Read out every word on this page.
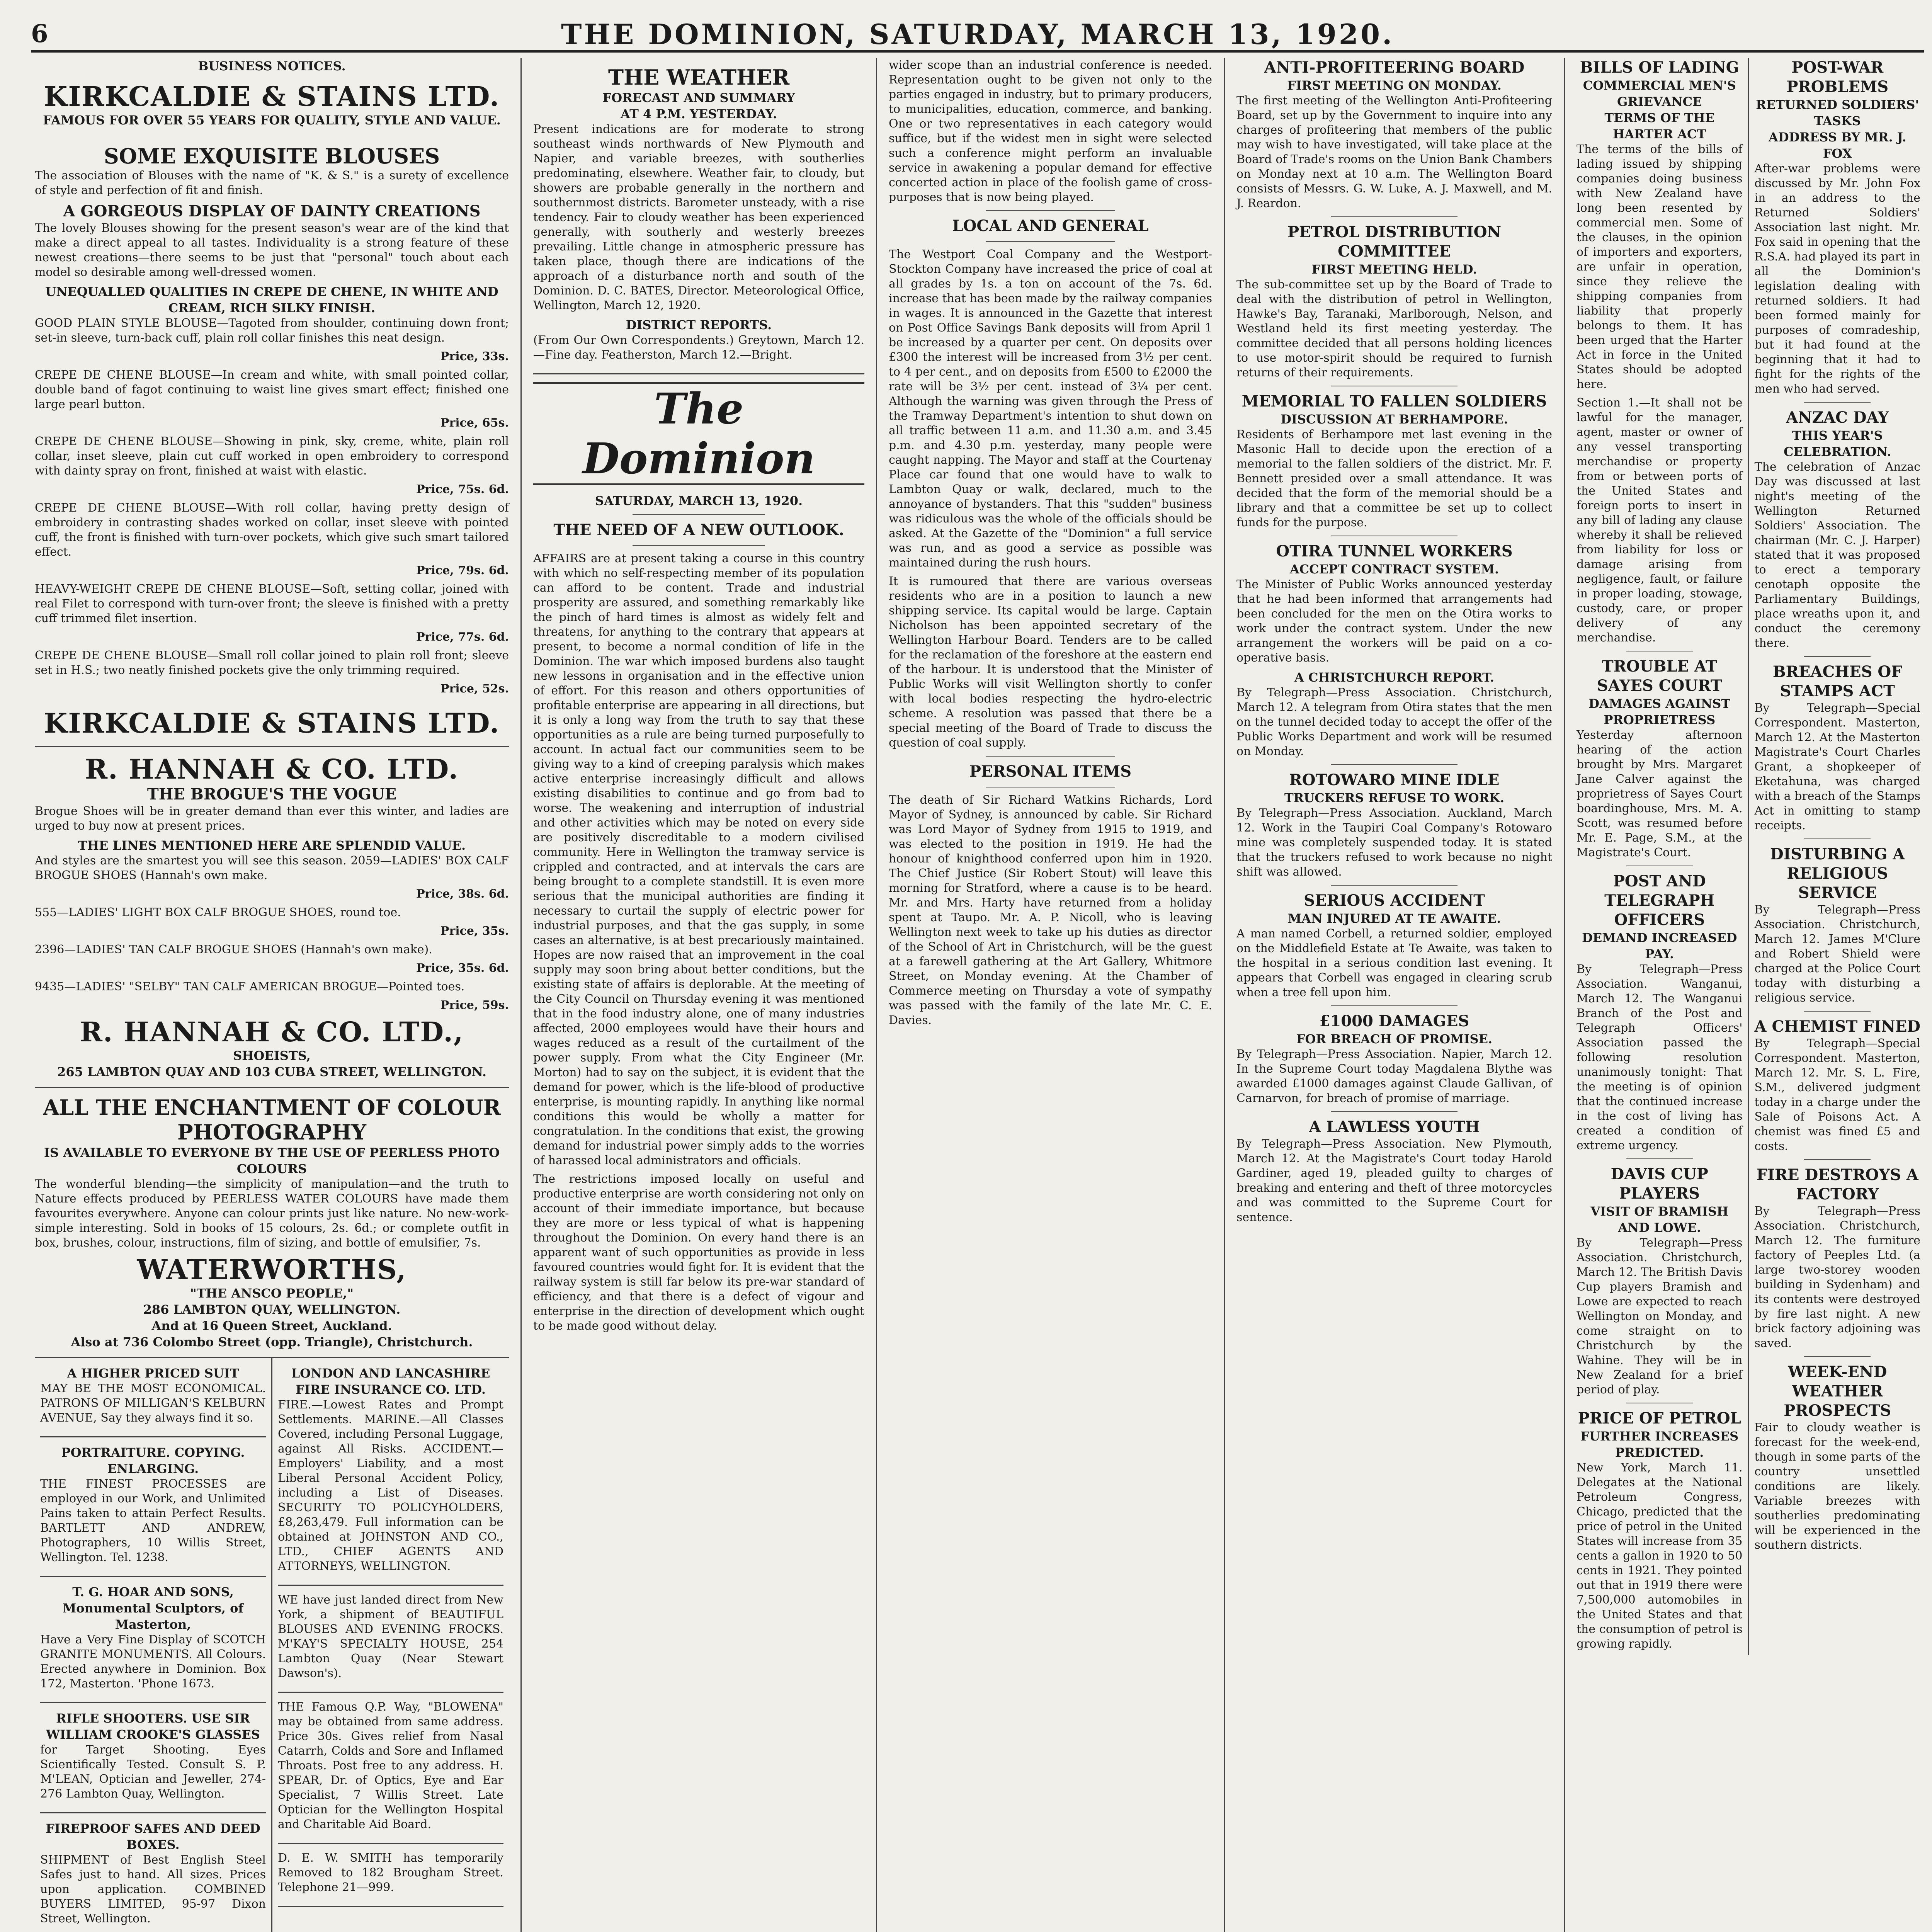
6	THE DOMINION, SATURDAY, MARCH 13, 1920.
BUSINESS NOTICES.
KIRKCALDIE & STAINS LTD.
FAMOUS FOR OVER 55 YEARS FOR QUALITY, STYLE AND VALUE.
SOME EXQUISITE BLOUSES

The association of Blouses with the name of "K. & S." is a surety of excellence of style and perfection of fit and finish.

A GORGEOUS DISPLAY OF DAINTY CREATIONS

The lovely Blouses showing for the present season's wear are of the kind that make a direct appeal to all tastes. Individuality is a strong feature of these newest creations—there seems to be just that "personal" touch about each model so desirable among well-dressed women.

UNEQUALLED QUALITIES IN CREPE DE CHENE, IN WHITE AND CREAM, RICH SILKY FINISH.

GOOD PLAIN STYLE BLOUSE—Tagoted from shoulder, continuing down front; set-in sleeve, turn-back cuff, plain roll collar finishes this neat design.

Price, 33s.

CREPE DE CHENE BLOUSE—In cream and white, with small pointed collar, double band of fagot continuing to waist line gives smart effect; finished one large pearl button.

Price, 65s.

CREPE DE CHENE BLOUSE—Showing in pink, sky, creme, white, plain roll collar, inset sleeve, plain cut cuff worked in open embroidery to correspond with dainty spray on front, finished at waist with elastic.

Price, 75s. 6d.

CREPE DE CHENE BLOUSE—With roll collar, having pretty design of embroidery in contrasting shades worked on collar, inset sleeve with pointed cuff, the front is finished with turn-over pockets, which give such smart tailored effect.

Price, 79s. 6d.

HEAVY-WEIGHT CREPE DE CHENE BLOUSE—Soft, setting collar, joined with real Filet to correspond with turn-over front; the sleeve is finished with a pretty cuff trimmed filet insertion.

Price, 77s. 6d.

CREPE DE CHENE BLOUSE—Small roll collar joined to plain roll front; sleeve set in H.S.; two neatly finished pockets give the only trimming required.

Price, 52s.

KIRKCALDIE & STAINS LTD.
R. HANNAH & CO. LTD.
THE BROGUE'S THE VOGUE

Brogue Shoes will be in greater demand than ever this winter, and ladies are urged to buy now at present prices.

THE LINES MENTIONED HERE ARE SPLENDID VALUE.

And styles are the smartest you will see this season. 2059—LADIES' BOX CALF BROGUE SHOES (Hannah's own make.

Price, 38s. 6d.

555—LADIES' LIGHT BOX CALF BROGUE SHOES, round toe.

Price, 35s.

2396—LADIES' TAN CALF BROGUE SHOES (Hannah's own make).

Price, 35s. 6d.

9435—LADIES' "SELBY" TAN CALF AMERICAN BROGUE—Pointed toes.

Price, 59s.

R. HANNAH & CO. LTD.,
SHOEISTS,
265 LAMBTON QUAY AND 103 CUBA STREET, WELLINGTON.
ALL THE ENCHANTMENT OF COLOUR PHOTOGRAPHY
IS AVAILABLE TO EVERYONE BY THE USE OF PEERLESS PHOTO COLOURS

The wonderful blending—the simplicity of manipulation—and the truth to Nature effects produced by PEERLESS WATER COLOURS have made them favourites everywhere. Anyone can colour prints just like nature. No new-work-simple interesting. Sold in books of 15 colours, 2s. 6d.; or complete outfit in box, brushes, colour, instructions, film of sizing, and bottle of emulsifier, 7s.

WATERWORTHS,
"THE ANSCO PEOPLE,"
286 LAMBTON QUAY, WELLINGTON.
And at 16 Queen Street, Auckland.
Also at 736 Colombo Street (opp. Triangle), Christchurch.
A HIGHER PRICED SUIT

MAY BE THE MOST ECONOMICAL. PATRONS OF MILLIGAN'S KELBURN AVENUE, Say they always find it so.

PORTRAITURE. COPYING. ENLARGING.

THE FINEST PROCESSES are employed in our Work, and Unlimited Pains taken to attain Perfect Results. BARTLETT AND ANDREW, Photographers, 10 Willis Street, Wellington. Tel. 1238.

T. G. HOAR AND SONS, Monumental Sculptors, of Masterton,

Have a Very Fine Display of SCOTCH GRANITE MONUMENTS. All Colours. Erected anywhere in Dominion. Box 172, Masterton. 'Phone 1673.

RIFLE SHOOTERS. USE SIR WILLIAM CROOKE'S GLASSES

for Target Shooting. Eyes Scientifically Tested. Consult S. P. M'LEAN, Optician and Jeweller, 274-276 Lambton Quay, Wellington.

FIREPROOF SAFES AND DEED BOXES.

SHIPMENT of Best English Steel Safes just to hand. All sizes. Prices upon application. COMBINED BUYERS LIMITED, 95-97 Dixon Street, Wellington.

LONDON AND LANCASHIRE FIRE INSURANCE CO. LTD.

FIRE.—Lowest Rates and Prompt Settlements. MARINE.—All Classes Covered, including Personal Luggage, against All Risks. ACCIDENT.—Employers' Liability, and a most Liberal Personal Accident Policy, including a List of Diseases. SECURITY TO POLICYHOLDERS, £8,263,479. Full information can be obtained at JOHNSTON AND CO., LTD., CHIEF AGENTS AND ATTORNEYS, WELLINGTON.

WE have just landed direct from New York, a shipment of BEAUTIFUL BLOUSES AND EVENING FROCKS. M'KAY'S SPECIALTY HOUSE, 254 Lambton Quay (Near Stewart Dawson's).

THE Famous Q.P. Way, "BLOWENA" may be obtained from same address. Price 30s. Gives relief from Nasal Catarrh, Colds and Sore and Inflamed Throats. Post free to any address. H. SPEAR, Dr. of Optics, Eye and Ear Specialist, 7 Willis Street. Late Optician for the Wellington Hospital and Charitable Aid Board.

D. E. W. SMITH has temporarily Removed to 182 Brougham Street. Telephone 21—999.

THE WEATHER
FORECAST AND SUMMARY
AT 4 P.M. YESTERDAY.

Present indications are for moderate to strong southeast winds northwards of New Plymouth and Napier, and variable breezes, with southerlies predominating, elsewhere. Weather fair, to cloudy, but showers are probable generally in the northern and southernmost districts. Barometer unsteady, with a rise tendency. Fair to cloudy weather has been experienced generally, with southerly and westerly breezes prevailing. Little change in atmospheric pressure has taken place, though there are indications of the approach of a disturbance north and south of the Dominion. D. C. BATES, Director. Meteorological Office, Wellington, March 12, 1920.

DISTRICT REPORTS.

(From Our Own Correspondents.) Greytown, March 12.—Fine day. Featherston, March 12.—Bright.

The Dominion
SATURDAY, MARCH 13, 1920.
THE NEED OF A NEW OUTLOOK.

AFFAIRS are at present taking a course in this country with which no self-respecting member of its population can afford to be content. Trade and industrial prosperity are assured, and something remarkably like the pinch of hard times is almost as widely felt and threatens, for anything to the contrary that appears at present, to become a normal condition of life in the Dominion. The war which imposed burdens also taught new lessons in organisation and in the effective union of effort. For this reason and others opportunities of profitable enterprise are appearing in all directions, but it is only a long way from the truth to say that these opportunities as a rule are being turned purposefully to account. In actual fact our communities seem to be giving way to a kind of creeping paralysis which makes active enterprise increasingly difficult and allows existing disabilities to continue and go from bad to worse. The weakening and interruption of industrial and other activities which may be noted on every side are positively discreditable to a modern civilised community. Here in Wellington the tramway service is crippled and contracted, and at intervals the cars are being brought to a complete standstill. It is even more serious that the municipal authorities are finding it necessary to curtail the supply of electric power for industrial purposes, and that the gas supply, in some cases an alternative, is at best precariously maintained. Hopes are now raised that an improvement in the coal supply may soon bring about better conditions, but the existing state of affairs is deplorable. At the meeting of the City Council on Thursday evening it was mentioned that in the food industry alone, one of many industries affected, 2000 employees would have their hours and wages reduced as a result of the curtailment of the power supply. From what the City Engineer (Mr. Morton) had to say on the subject, it is evident that the demand for power, which is the life-blood of productive enterprise, is mounting rapidly. In anything like normal conditions this would be wholly a matter for congratulation. In the conditions that exist, the growing demand for industrial power simply adds to the worries of harassed local administrators and officials.

The restrictions imposed locally on useful and productive enterprise are worth considering not only on account of their immediate importance, but because they are more or less typical of what is happening throughout the Dominion. On every hand there is an apparent want of such opportunities as provide in less favoured countries would fight for. It is evident that the railway system is still far below its pre-war standard of efficiency, and that there is a defect of vigour and enterprise in the direction of development which ought to be made good without delay.

wider scope than an industrial conference is needed. Representation ought to be given not only to the parties engaged in industry, but to primary producers, to municipalities, education, commerce, and banking. One or two representatives in each category would suffice, but if the widest men in sight were selected such a conference might perform an invaluable service in awakening a popular demand for effective concerted action in place of the foolish game of cross-purposes that is now being played.

LOCAL AND GENERAL

The Westport Coal Company and the Westport-Stockton Company have increased the price of coal at all grades by 1s. a ton on account of the 7s. 6d. increase that has been made by the railway companies in wages. It is announced in the Gazette that interest on Post Office Savings Bank deposits will from April 1 be increased by a quarter per cent. On deposits over £300 the interest will be increased from 3½ per cent. to 4 per cent., and on deposits from £500 to £2000 the rate will be 3½ per cent. instead of 3¼ per cent. Although the warning was given through the Press of the Tramway Department's intention to shut down on all traffic between 11 a.m. and 11.30 a.m. and 3.45 p.m. and 4.30 p.m. yesterday, many people were caught napping. The Mayor and staff at the Courtenay Place car found that one would have to walk to Lambton Quay or walk, declared, much to the annoyance of bystanders. That this "sudden" business was ridiculous was the whole of the officials should be asked. At the Gazette of the "Dominion" a full service was run, and as good a service as possible was maintained during the rush hours.

It is rumoured that there are various overseas residents who are in a position to launch a new shipping service. Its capital would be large. Captain Nicholson has been appointed secretary of the Wellington Harbour Board. Tenders are to be called for the reclamation of the foreshore at the eastern end of the harbour. It is understood that the Minister of Public Works will visit Wellington shortly to confer with local bodies respecting the hydro-electric scheme. A resolution was passed that there be a special meeting of the Board of Trade to discuss the question of coal supply.

PERSONAL ITEMS

The death of Sir Richard Watkins Richards, Lord Mayor of Sydney, is announced by cable. Sir Richard was Lord Mayor of Sydney from 1915 to 1919, and was elected to the position in 1919. He had the honour of knighthood conferred upon him in 1920. The Chief Justice (Sir Robert Stout) will leave this morning for Stratford, where a cause is to be heard. Mr. and Mrs. Harty have returned from a holiday spent at Taupo. Mr. A. P. Nicoll, who is leaving Wellington next week to take up his duties as director of the School of Art in Christchurch, will be the guest at a farewell gathering at the Art Gallery, Whitmore Street, on Monday evening. At the Chamber of Commerce meeting on Thursday a vote of sympathy was passed with the family of the late Mr. C. E. Davies.

ANTI-PROFITEERING BOARD
FIRST MEETING ON MONDAY.

The first meeting of the Wellington Anti-Profiteering Board, set up by the Government to inquire into any charges of profiteering that members of the public may wish to have investigated, will take place at the Board of Trade's rooms on the Union Bank Chambers on Monday next at 10 a.m. The Wellington Board consists of Messrs. G. W. Luke, A. J. Maxwell, and M. J. Reardon.

PETROL DISTRIBUTION COMMITTEE
FIRST MEETING HELD.

The sub-committee set up by the Board of Trade to deal with the distribution of petrol in Wellington, Hawke's Bay, Taranaki, Marlborough, Nelson, and Westland held its first meeting yesterday. The committee decided that all persons holding licences to use motor-spirit should be required to furnish returns of their requirements.

MEMORIAL TO FALLEN SOLDIERS
DISCUSSION AT BERHAMPORE.

Residents of Berhampore met last evening in the Masonic Hall to decide upon the erection of a memorial to the fallen soldiers of the district. Mr. F. Bennett presided over a small attendance. It was decided that the form of the memorial should be a library and that a committee be set up to collect funds for the purpose.

OTIRA TUNNEL WORKERS
ACCEPT CONTRACT SYSTEM.

The Minister of Public Works announced yesterday that he had been informed that arrangements had been concluded for the men on the Otira works to work under the contract system. Under the new arrangement the workers will be paid on a co-operative basis.

A CHRISTCHURCH REPORT.

By Telegraph—Press Association. Christchurch, March 12. A telegram from Otira states that the men on the tunnel decided today to accept the offer of the Public Works Department and work will be resumed on Monday.

ROTOWARO MINE IDLE
TRUCKERS REFUSE TO WORK.

By Telegraph—Press Association. Auckland, March 12. Work in the Taupiri Coal Company's Rotowaro mine was completely suspended today. It is stated that the truckers refused to work because no night shift was allowed.

SERIOUS ACCIDENT
MAN INJURED AT TE AWAITE.

A man named Corbell, a returned soldier, employed on the Middlefield Estate at Te Awaite, was taken to the hospital in a serious condition last evening. It appears that Corbell was engaged in clearing scrub when a tree fell upon him.

£1000 DAMAGES
FOR BREACH OF PROMISE.

By Telegraph—Press Association. Napier, March 12. In the Supreme Court today Magdalena Blythe was awarded £1000 damages against Claude Gallivan, of Carnarvon, for breach of promise of marriage.

A LAWLESS YOUTH

By Telegraph—Press Association. New Plymouth, March 12. At the Magistrate's Court today Harold Gardiner, aged 19, pleaded guilty to charges of breaking and entering and theft of three motorcycles and was committed to the Supreme Court for sentence.

BILLS OF LADING
COMMERCIAL MEN'S GRIEVANCE
TERMS OF THE HARTER ACT

The terms of the bills of lading issued by shipping companies doing business with New Zealand have long been resented by commercial men. Some of the clauses, in the opinion of importers and exporters, are unfair in operation, since they relieve the shipping companies from liability that properly belongs to them. It has been urged that the Harter Act in force in the United States should be adopted here.

Section 1.—It shall not be lawful for the manager, agent, master or owner of any vessel transporting merchandise or property from or between ports of the United States and foreign ports to insert in any bill of lading any clause whereby it shall be relieved from liability for loss or damage arising from negligence, fault, or failure in proper loading, stowage, custody, care, or proper delivery of any merchandise.

TROUBLE AT SAYES COURT
DAMAGES AGAINST PROPRIETRESS

Yesterday afternoon hearing of the action brought by Mrs. Margaret Jane Calver against the proprietress of Sayes Court boardinghouse, Mrs. M. A. Scott, was resumed before Mr. E. Page, S.M., at the Magistrate's Court.

POST AND TELEGRAPH OFFICERS
DEMAND INCREASED PAY.

By Telegraph—Press Association. Wanganui, March 12. The Wanganui Branch of the Post and Telegraph Officers' Association passed the following resolution unanimously tonight: That the meeting is of opinion that the continued increase in the cost of living has created a condition of extreme urgency.

DAVIS CUP PLAYERS
VISIT OF BRAMISH AND LOWE.

By Telegraph—Press Association. Christchurch, March 12. The British Davis Cup players Bramish and Lowe are expected to reach Wellington on Monday, and come straight on to Christchurch by the Wahine. They will be in New Zealand for a brief period of play.

PRICE OF PETROL
FURTHER INCREASES PREDICTED.

New York, March 11. Delegates at the National Petroleum Congress, Chicago, predicted that the price of petrol in the United States will increase from 35 cents a gallon in 1920 to 50 cents in 1921. They pointed out that in 1919 there were 7,500,000 automobiles in the United States and that the consumption of petrol is growing rapidly.

POST-WAR PROBLEMS
RETURNED SOLDIERS' TASKS
ADDRESS BY MR. J. FOX

After-war problems were discussed by Mr. John Fox in an address to the Returned Soldiers' Association last night. Mr. Fox said in opening that the R.S.A. had played its part in all the Dominion's legislation dealing with returned soldiers. It had been formed mainly for purposes of comradeship, but it had found at the beginning that it had to fight for the rights of the men who had served.

ANZAC DAY
THIS YEAR'S CELEBRATION.

The celebration of Anzac Day was discussed at last night's meeting of the Wellington Returned Soldiers' Association. The chairman (Mr. C. J. Harper) stated that it was proposed to erect a temporary cenotaph opposite the Parliamentary Buildings, place wreaths upon it, and conduct the ceremony there.

BREACHES OF STAMPS ACT

By Telegraph—Special Correspondent. Masterton, March 12. At the Masterton Magistrate's Court Charles Grant, a shopkeeper of Eketahuna, was charged with a breach of the Stamps Act in omitting to stamp receipts.

DISTURBING A RELIGIOUS SERVICE

By Telegraph—Press Association. Christchurch, March 12. James M'Clure and Robert Shield were charged at the Police Court today with disturbing a religious service.

A CHEMIST FINED

By Telegraph—Special Correspondent. Masterton, March 12. Mr. S. L. Fire, S.M., delivered judgment today in a charge under the Sale of Poisons Act. A chemist was fined £5 and costs.

FIRE DESTROYS A FACTORY

By Telegraph—Press Association. Christchurch, March 12. The furniture factory of Peeples Ltd. (a large two-storey wooden building in Sydenham) and its contents were destroyed by fire last night. A new brick factory adjoining was saved.

WEEK-END WEATHER PROSPECTS

Fair to cloudy weather is forecast for the week-end, though in some parts of the country unsettled conditions are likely. Variable breezes with southerlies predominating will be experienced in the southern districts.
